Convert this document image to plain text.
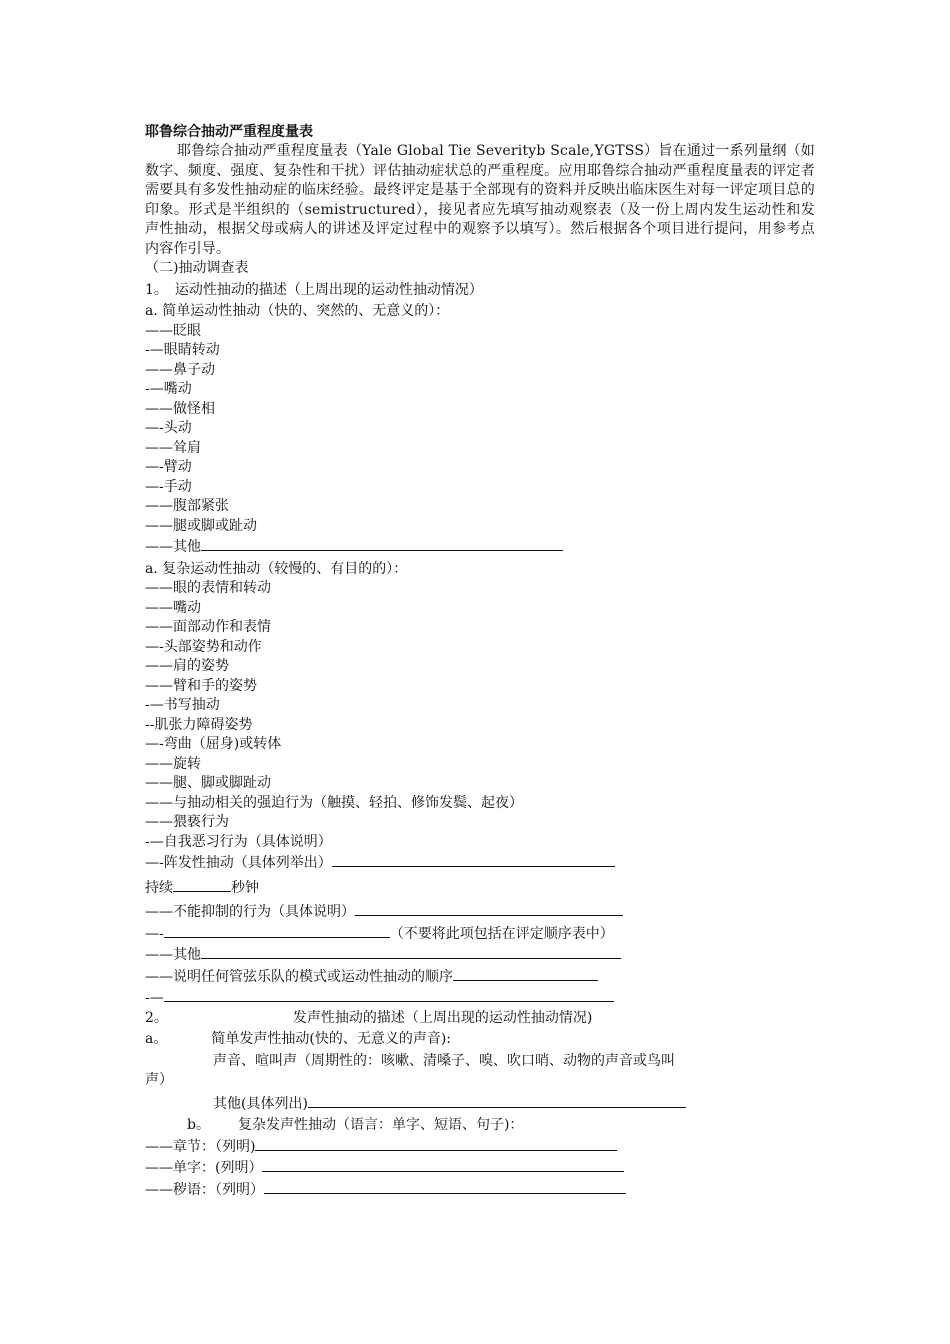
耶鲁综合抽动严重程度量表
耶鲁综合抽动严重程度量表（Yale Global Tie Severityb Scale,YGTSS）旨在通过一系列量纲（如数字、频度、强度、复杂性和干扰）评估抽动症状总的严重程度。应用耶鲁综合抽动严重程度量表的评定者需要具有多发性抽动症的临床经验。最终评定是基于全部现有的资料并反映出临床医生对每一评定项目总的印象。形式是半组织的（semistructured），接见者应先填写抽动观察表（及一份上周内发生运动性和发声性抽动，根据父母或病人的讲述及评定过程中的观察予以填写）。然后根据各个项目进行提问，用参考点内容作引导。
（二)抽动调查表
1。　运动性抽动的描述（上周出现的运动性抽动情况）
a. 简单运动性抽动（快的、突然的、无意义的）：
——眨眼
-—眼睛转动
——鼻子动
-—嘴动
——做怪相
—-头动
——耸肩
—-臂动
—-手动
——腹部紧张
——腿或脚或趾动
——其他
a. 复杂运动性抽动（较慢的、有目的的）：
——眼的表情和转动
——嘴动
——面部动作和表情
—-头部姿势和动作
——肩的姿势
——臂和手的姿势
-—书写抽动
--肌张力障碍姿势
—-弯曲（屈身)或转体
——旋转
——腿、脚或脚趾动
——与抽动相关的强迫行为（触摸、轻拍、修饰发鬓、起夜）
——猥亵行为
-—自我恶习行为（具体说明）
—-阵发性抽动（具体列举出）
持续	秒钟
——不能抑制的行为（具体说明）
—-	（不要将此项包括在评定顺序表中）
——其他
——说明任何管弦乐队的模式或运动性抽动的顺序
-—
2。	发声性抽动的描述（上周出现的运动性抽动情况)
a。	简单发声性抽动(快的、无意义的声音):
声音、喧叫声（周期性的：咳嗽、清嗓子、嗅、吹口哨、动物的声音或鸟叫
声）
其他(具体列出)
b。 复杂发声性抽动（语言：单字、短语、句子)：
——章节：（列明)
——单字：(列明）
——秽语：（列明）
